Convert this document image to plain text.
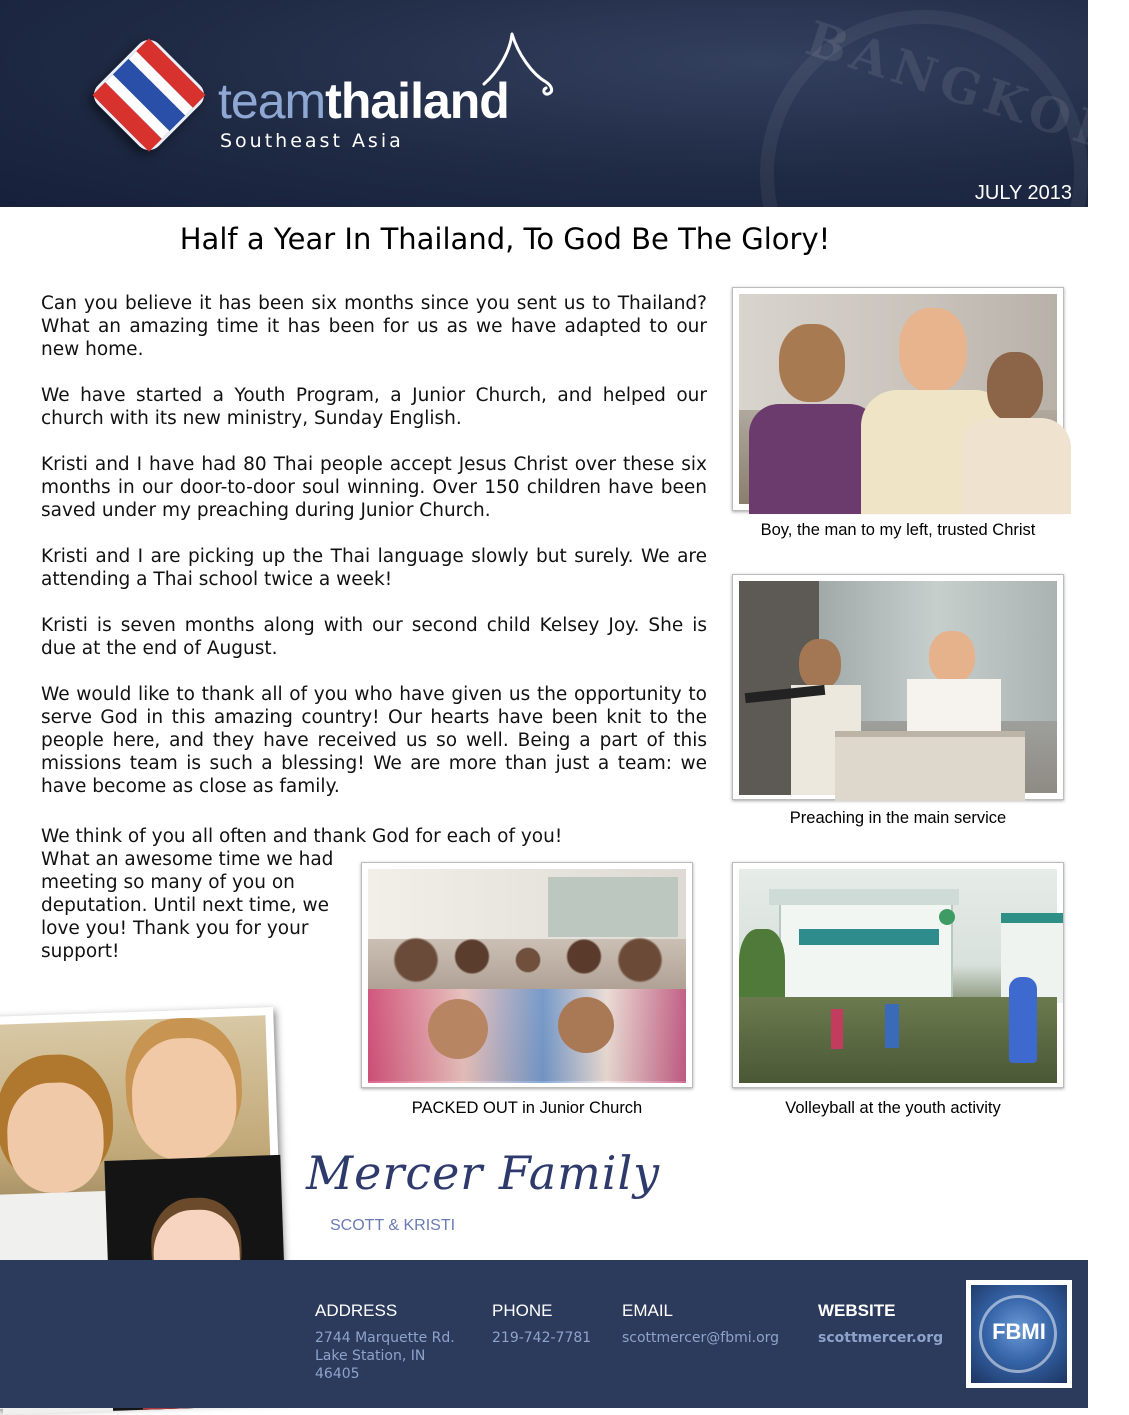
BANGKOK
teamthailand
Southeast Asia
JULY 2013
Half a Year In Thailand, To God Be The Glory!

Can you believe it has been six months since you sent us to Thailand? What an amazing time it has been for us as we have adapted to our new home.

We have started a Youth Program, a Junior Church, and helped our church with its new ministry, Sunday English.

Kristi and I have had 80 Thai people accept Jesus Christ over these six months in our door-to-door soul winning. Over 150 children have been saved under my preaching during Junior Church.

Kristi and I are picking up the Thai language slowly but surely. We are attending a Thai school twice a week!

Kristi is seven months along with our second child Kelsey Joy. She is due at the end of August.

We would like to thank all of you who have given us the opportunity to serve God in this amazing country! Our hearts have been knit to the people here, and they have received us so well. Being a part of this missions team is such a blessing! We are more than just a team: we have become as close as family.

We think of you all often and thank God for each of you!
What an awesome time we had meeting so many of you on deputation. Until next time, we love you! Thank you for your support!
Boy, the man to my left, trusted Christ
Preaching in the main service
PACKED OUT in Junior Church	Volleyball at the youth activity
Mercer Family
SCOTT & KRISTI
ADDRESS
2744 Marquette Rd.
Lake Station, IN
46405
PHONE
219-742-7781
EMAIL
scottmercer@fbmi.org
WEBSITE
scottmercer.org	FBMI
